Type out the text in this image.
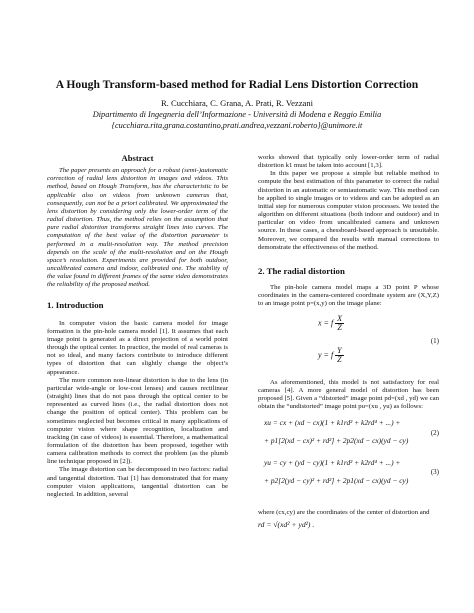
A Hough Transform-based method for Radial Lens Distortion Correction
R. Cucchiara, C. Grana, A. Prati, R. Vezzani
Dipartimento di Ingegneria dell’Informazione - Università di Modena e Reggio Emilia
{cucchiara.rita,grana.costantino,prati.andrea,vezzani.roberto}@unimore.it
Abstract

The paper presents an approach for a robust (semi-)automatic correction of radial lens distortion in images and videos. This method, based on Hough Transform, has the characteristic to be applicable also on videos from unknown cameras that, consequently, can not be a priori calibrated. We approximated the lens distortion by considering only the lower-order term of the radial distortion. Thus, the method relies on the assumption that pure radial distortion transforms straight lines into curves. The computation of the best value of the distortion parameter is performed in a multi-resolution way. The method precision depends on the scale of the multi-resolution and on the Hough space’s resolution. Experiments are provided for both outdoor, uncalibrated camera and indoor, calibrated one. The stability of the value found in different frames of the same video demonstrates the reliability of the proposed method.

1. Introduction

In computer vision the basic camera model for image formation is the pin-hole camera model [1]. It assumes that each image point is generated as a direct projection of a world point through the optical center. In practice, the model of real cameras is not so ideal, and many factors contribute to introduce different types of distortion that can slightly change the object’s appearance.

The more common non-linear distortion is due to the lens (in particular wide-angle or low-cost lenses) and causes rectilinear (straight) lines that do not pass through the optical center to be represented as curved lines (i.e., the radial distortion does not change the position of optical center). This problem can be sometimes neglected but becomes critical in many applications of computer vision where shape recognition, localization and tracking (in case of videos) is essential. Therefore, a mathematical formulation of the distortion has been proposed, together with camera calibration methods to correct the problem (as the plumb line technique proposed in [2]).

The image distortion can be decomposed in two factors: radial and tangential distortion. Tsai [1] has demonstrated that for many computer vision applications, tangential distortion can be neglected. In addition, several

works showed that typically only lower-order term of radial distortion k1 must be taken into account [1,3].

In this paper we propose a simple but reliable method to compute the best estimation of this parameter to correct the radial distortion in an automatic or semiautomatic way. This method can be applied to single images or to videos and can be adopted as an initial step for numerous computer vision processes. We tested the algorithm on different situations (both indoor and outdoor) and in particular on video from uncalibrated camera and unknown source. In these cases, a chessboard-based approach is unsuitable. Moreover, we compared the results with manual corrections to demonstrate the effectiveness of the method.

2. The radial distortion

The pin-hole camera model maps a 3D point P whose coordinates in the camera-centered coordinate system are (X,Y,Z) to an image point p=(x,y) on the image plane:

x = f $\frac{X}{Z}$
y = f $\frac{Y}{Z}$
(1)

As aforementioned, this model is not satisfactory for real cameras [4]. A more general model of distortion has been proposed [5]. Given a “distorted” image point pd=(xd , yd) we can obtain the “undistorted” image point pu=(xu , yu) as follows:

xu = cx + (xd − cx)(1 + k1rd² + k2rd⁴ + ...) +
+ p1[2(xd − cx)² + rd²] + 2p2(xd − cx)(yd − cy)
(2)
yu = cy + (yd − cy)(1 + k1rd² + k2rd⁴ + ...) +
+ p2[2(yd − cy)² + rd²] + 2p1(xd − cx)(yd − cy)
(3)

where (cx,cy) are the coordinates of the center of distortion and

rd = √(xd² + yd²) .
